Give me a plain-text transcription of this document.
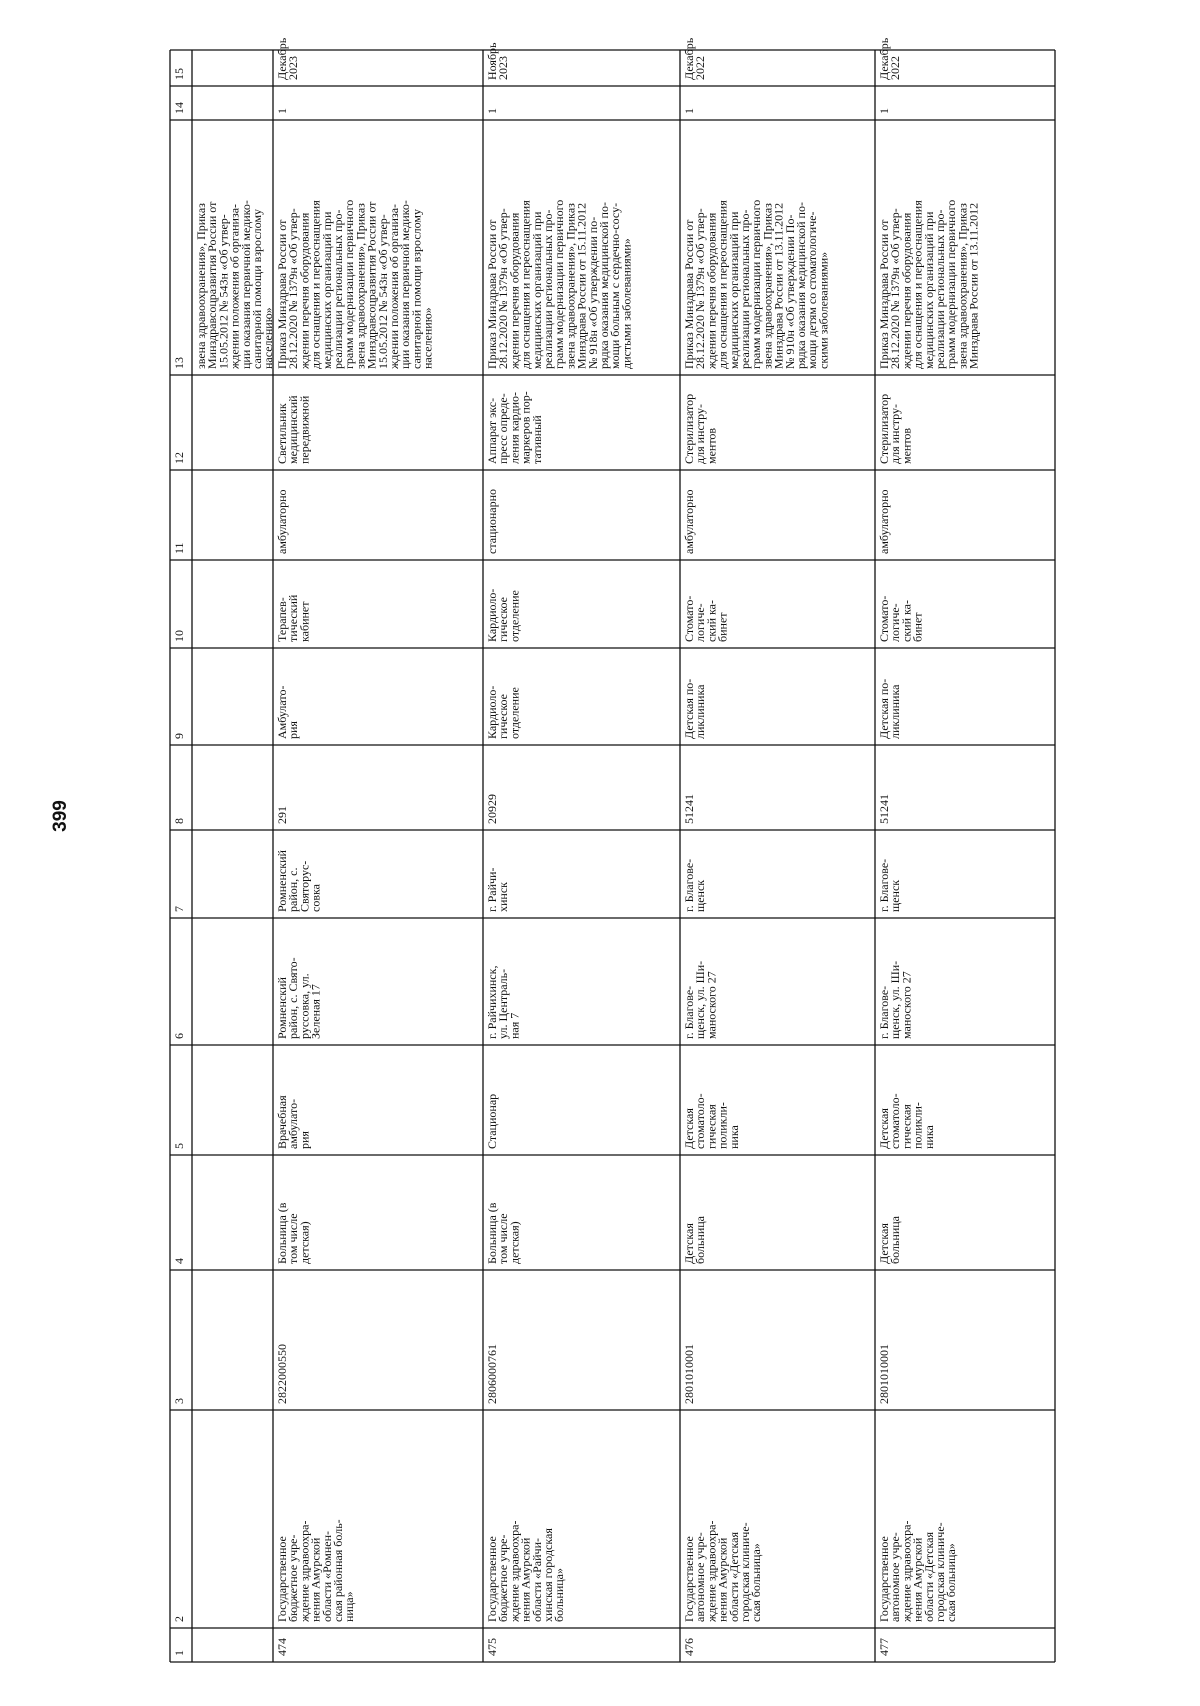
399
1
2
3
4
5
6
7
8
9
10
11
12
13
14
15
звена здравоохранения», Приказ
Минздравсоцразвития России от
15.05.2012 № 543н «Об утвер-
ждении положения об организа-
ции оказания первичной медико-
санитарной помощи взрослому
населению»
474
Государственное
бюджетное учре-
ждение здравоохра-
нения Амурской
области «Ромнен-
ская районная боль-
ница»
2822000550
Больница (в
том числе
детская)
Врачебная
амбулато-
рия
Ромненский
район, с. Свято-
руссовка, ул.
Зеленая 17
Ромненский
район, с.
Святорус-
совка
291
Амбулато-
рия
Терапев-
тический
кабинет
амбулаторно
Светильник
медицинский
передвижной
Приказ Минздрава России от
28.12.2020 № 1379н «Об утвер-
ждении перечня оборудования
для оснащения и переоснащения
медицинских организаций при
реализации региональных про-
грамм модернизации первичного
звена здравоохранения», Приказ
Минздравсоцразвития России от
15.05.2012 № 543н «Об утвер-
ждении положения об организа-
ции оказания первичной медико-
санитарной помощи взрослому
населению»
1
Декабрь
2023
475
Государственное
бюджетное учре-
ждение здравоохра-
нения Амурской
области «Райчи-
хинская городская
больница»
2806000761
Больница (в
том числе
детская)
Стационар
г. Райчихинск,
ул. Централь-
ная 7
г. Райчи-
хинск
20929
Кардиоло-
гическое
отделение
Кардиоло-
гическое
отделение
стационарно
Аппарат экс-
пресс опреде-
ления кардио-
маркеров пор-
тативный
Приказ Минздрава России от
28.12.2020 № 1379н «Об утвер-
ждении перечня оборудования
для оснащения и переоснащения
медицинских организаций при
реализации региональных про-
грамм модернизации первичного
звена здравоохранения», Приказ
Минздрава России от 15.11.2012
№ 918н «Об утверждении по-
рядка оказания медицинской по-
мощи больным с сердечно-сосу-
дистыми заболеваниями»
1
Ноябрь
2023
476
Государственное
автономное учре-
ждение здравоохра-
нения Амурской
области «Детская
городская клиниче-
ская больница»
2801010001
Детская
больница
Детская
стоматоло-
гическая
поликли-
ника
г. Благове-
щенск, ул. Ши-
маноского 27
г. Благове-
щенск
51241
Детская по-
ликлиника
Стомато-
логиче-
ский ка-
бинет
амбулаторно
Стерилизатор
для инстру-
ментов
Приказ Минздрава России от
28.12.2020 № 1379н «Об утвер-
ждении перечня оборудования
для оснащения и переоснащения
медицинских организаций при
реализации региональных про-
грамм модернизации первичного
звена здравоохранения», Приказ
Минздрава России от 13.11.2012
№ 910н «Об утверждении По-
рядка оказания медицинской по-
мощи детям со стоматологиче-
скими заболеваниями»
1
Декабрь
2022
477
Государственное
автономное учре-
ждение здравоохра-
нения Амурской
области «Детская
городская клиниче-
ская больница»
2801010001
Детская
больница
Детская
стоматоло-
гическая
поликли-
ника
г. Благове-
щенск, ул. Ши-
маноского 27
г. Благове-
щенск
51241
Детская по-
ликлиника
Стомато-
логиче-
ский ка-
бинет
амбулаторно
Стерилизатор
для инстру-
ментов
Приказ Минздрава России от
28.12.2020 № 1379н «Об утвер-
ждении перечня оборудования
для оснащения и переоснащения
медицинских организаций при
реализации региональных про-
грамм модернизации первичного
звена здравоохранения», Приказ
Минздрава России от 13.11.2012
1
Декабрь
2022
